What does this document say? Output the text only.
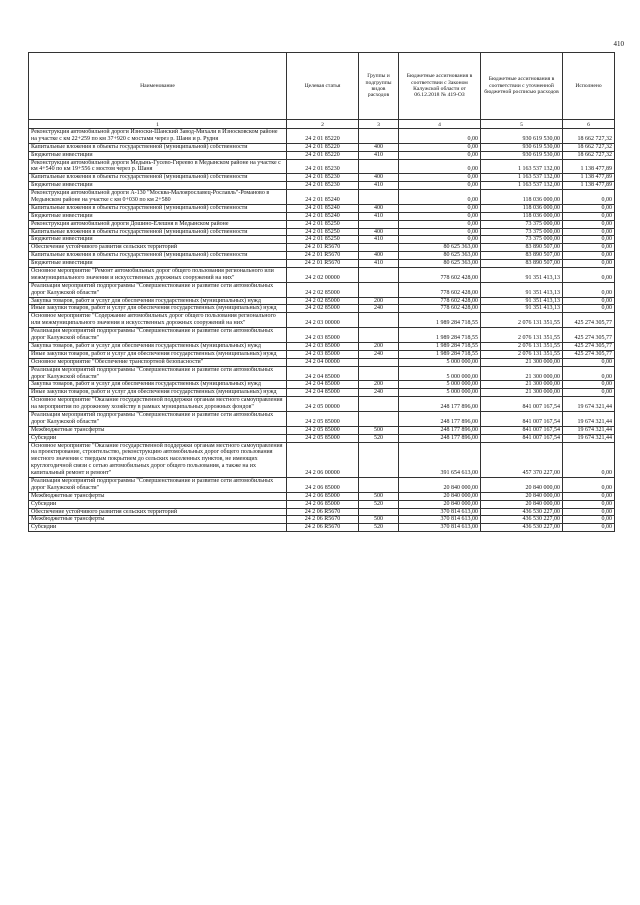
410
Наименование	Целевая статья	Группы и подгруппы видов расходов	Бюджетные ассигнования в соответствии с Законом Калужской области от 06.12.2018 № 419-ОЗ	Бюджетные ассигнования в соответствии с уточненной бюджетной росписью расходов	Исполнено
1	2	3	4	5	6
Реконструкция автомобильной дороги Износки-Шанский Завод-Михали в Износковском районе на участке с км 22+259 по км 37+920 с мостами через р. Шаня и р. Рудня	24 2 01 85220		0,00	930 619 530,00	18 662 727,32
Капитальные вложения в объекты государственной (муниципальной) собственности	24 2 01 85220	400	0,00	930 619 530,00	18 662 727,32
Бюджетные инвестиции	24 2 01 85220	410	0,00	930 619 530,00	18 662 727,32
Реконструкция автомобильной дороги Медынь-Гусево-Гиреево в Медынском районе на участке с км 4+540 по км 19+556 с мостом через р. Шаня	24 2 01 85230		0,00	1 163 537 132,00	1 138 477,89
Капитальные вложения в объекты государственной (муниципальной) собственности	24 2 01 85230	400	0,00	1 163 537 132,00	1 138 477,89
Бюджетные инвестиции	24 2 01 85230	410	0,00	1 163 537 132,00	1 138 477,89
Реконструкция автомобильной дороги А-130 "Москва-Малоярославец-Рославль"-Романово в Медынском районе на участке с км 0+030 по км 2+580	24 2 01 85240		0,00	118 036 000,00	0,00
Капитальные вложения в объекты государственной (муниципальной) собственности	24 2 01 85240	400	0,00	118 036 000,00	0,00
Бюджетные инвестиции	24 2 01 85240	410	0,00	118 036 000,00	0,00
Реконструкция автомобильной дороги Дошино-Елешня в Медынском районе	24 2 01 85250		0,00	73 375 000,00	0,00
Капитальные вложения в объекты государственной (муниципальной) собственности	24 2 01 85250	400	0,00	73 375 000,00	0,00
Бюджетные инвестиции	24 2 01 85250	410	0,00	73 375 000,00	0,00
Обеспечение устойчивого развития сельских территорий	24 2 01 R5670		80 625 363,00	83 890 507,00	0,00
Капитальные вложения в объекты государственной (муниципальной) собственности	24 2 01 R5670	400	80 625 363,00	83 890 507,00	0,00
Бюджетные инвестиции	24 2 01 R5670	410	80 625 363,00	83 890 507,00	0,00
Основное мероприятие "Ремонт автомобильных дорог общего пользования регионального или межмуниципального значения и искусственных дорожных сооружений на них"	24 2 02 00000		778 602 428,00	91 351 413,13	0,00
Реализация мероприятий подпрограммы "Совершенствование и развитие сети автомобильных дорог Калужской области"	24 2 02 85000		778 602 428,00	91 351 413,13	0,00
Закупка товаров, работ и услуг для обеспечения государственных (муниципальных) нужд	24 2 02 85000	200	778 602 428,00	91 351 413,13	0,00
Иные закупки товаров, работ и услуг для обеспечения государственных (муниципальных) нужд	24 2 02 85000	240	778 602 428,00	91 351 413,13	0,00
Основное мероприятие "Содержание автомобильных дорог общего пользования регионального или межмуниципального значения и искусственных дорожных сооружений на них"	24 2 03 00000		1 989 284 718,55	2 076 131 351,55	425 274 305,77
Реализация мероприятий подпрограммы "Совершенствование и развитие сети автомобильных дорог Калужской области"	24 2 03 85000		1 989 284 718,55	2 076 131 351,55	425 274 305,77
Закупка товаров, работ и услуг для обеспечения государственных (муниципальных) нужд	24 2 03 85000	200	1 989 284 718,55	2 076 131 351,55	425 274 305,77
Иные закупки товаров, работ и услуг для обеспечения государственных (муниципальных) нужд	24 2 03 85000	240	1 989 284 718,55	2 076 131 351,55	425 274 305,77
Основное мероприятие "Обеспечение транспортной безопасности"	24 2 04 00000		5 000 000,00	21 300 000,00	0,00
Реализация мероприятий подпрограммы "Совершенствование и развитие сети автомобильных дорог Калужской области"	24 2 04 85000		5 000 000,00	21 300 000,00	0,00
Закупка товаров, работ и услуг для обеспечения государственных (муниципальных) нужд	24 2 04 85000	200	5 000 000,00	21 300 000,00	0,00
Иные закупки товаров, работ и услуг для обеспечения государственных (муниципальных) нужд	24 2 04 85000	240	5 000 000,00	21 300 000,00	0,00
Основное мероприятие "Оказание государственной поддержки органам местного самоуправления на мероприятия по дорожному хозяйству в рамках муниципальных дорожных фондов"	24 2 05 00000		248 177 896,00	841 007 167,54	19 674 321,44
Реализация мероприятий подпрограммы "Совершенствование и развитие сети автомобильных дорог Калужской области"	24 2 05 85000		248 177 896,00	841 007 167,54	19 674 321,44
Межбюджетные трансферты	24 2 05 85000	500	248 177 896,00	841 007 167,54	19 674 321,44
Субсидии	24 2 05 85000	520	248 177 896,00	841 007 167,54	19 674 321,44
Основное мероприятие "Оказание государственной поддержки органам местного самоуправления на проектирование, строительство, реконструкцию автомобильных дорог общего пользования местного значения с твердым покрытием до сельских населенных пунктов, не имеющих круглогодичной связи с сетью автомобильных дорог общего пользования, а также на их капитальный ремонт и ремонт"	24 2 06 00000		391 654 613,00	457 370 227,00	0,00
Реализация мероприятий подпрограммы "Совершенствование и развитие сети автомобильных дорог Калужской области"	24 2 06 85000		20 840 000,00	20 840 000,00	0,00
Межбюджетные трансферты	24 2 06 85000	500	20 840 000,00	20 840 000,00	0,00
Субсидии	24 2 06 85000	520	20 840 000,00	20 840 000,00	0,00
Обеспечение устойчивого развития сельских территорий	24 2 06 R5670		370 814 613,00	436 530 227,00	0,00
Межбюджетные трансферты	24 2 06 R5670	500	370 814 613,00	436 530 227,00	0,00
Субсидии	24 2 06 R5670	520	370 814 613,00	436 530 227,00	0,00
